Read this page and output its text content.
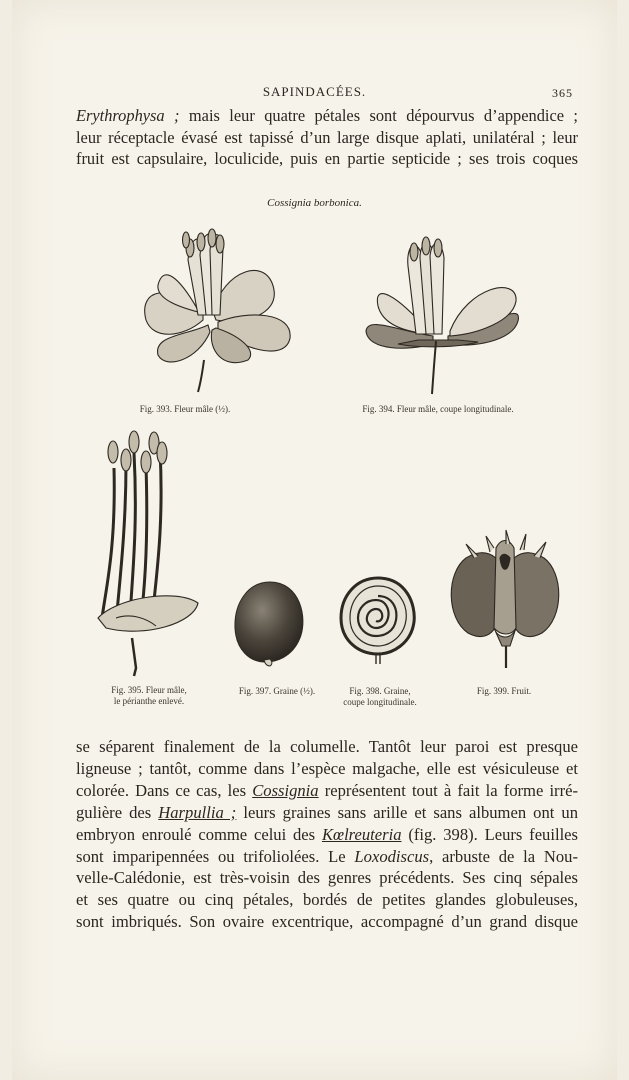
SAPINDACÉES.	365
Erythrophysa ; mais leur quatre pétales sont dépourvus d’appendice ;
leur réceptacle évasé est tapissé d’un large disque aplati, unilatéral ; leur
fruit est capsulaire, loculicide, puis en partie septicide ; ses trois coques
Cossignia borbonica.
Fig. 393. Fleur mâle (½).	Fig. 394. Fleur mâle, coupe longitudinale.
Fig. 395. Fleur mâle,
le périanthe enlevé.
Fig. 397. Graine (½).	Fig. 398. Graine,
coupe longitudinale.
Fig. 399. Fruit.
se séparent finalement de la columelle. Tantôt leur paroi est presque
ligneuse ; tantôt, comme dans l’espèce malgache, elle est vésiculeuse et
colorée. Dans ce cas, les Cossignia représentent tout à fait la forme irré-
gulière des Harpullia ; leurs graines sans arille et sans albumen ont un
embryon enroulé comme celui des Kœlreuteria (fig. 398). Leurs feuilles
sont imparipennées ou trifoliolées. Le Loxodiscus, arbuste de la Nou-
velle-Calédonie, est très-voisin des genres précédents. Ses cinq sépales
et ses quatre ou cinq pétales, bordés de petites glandes globuleuses,
sont imbriqués. Son ovaire excentrique, accompagné d’un grand disque
